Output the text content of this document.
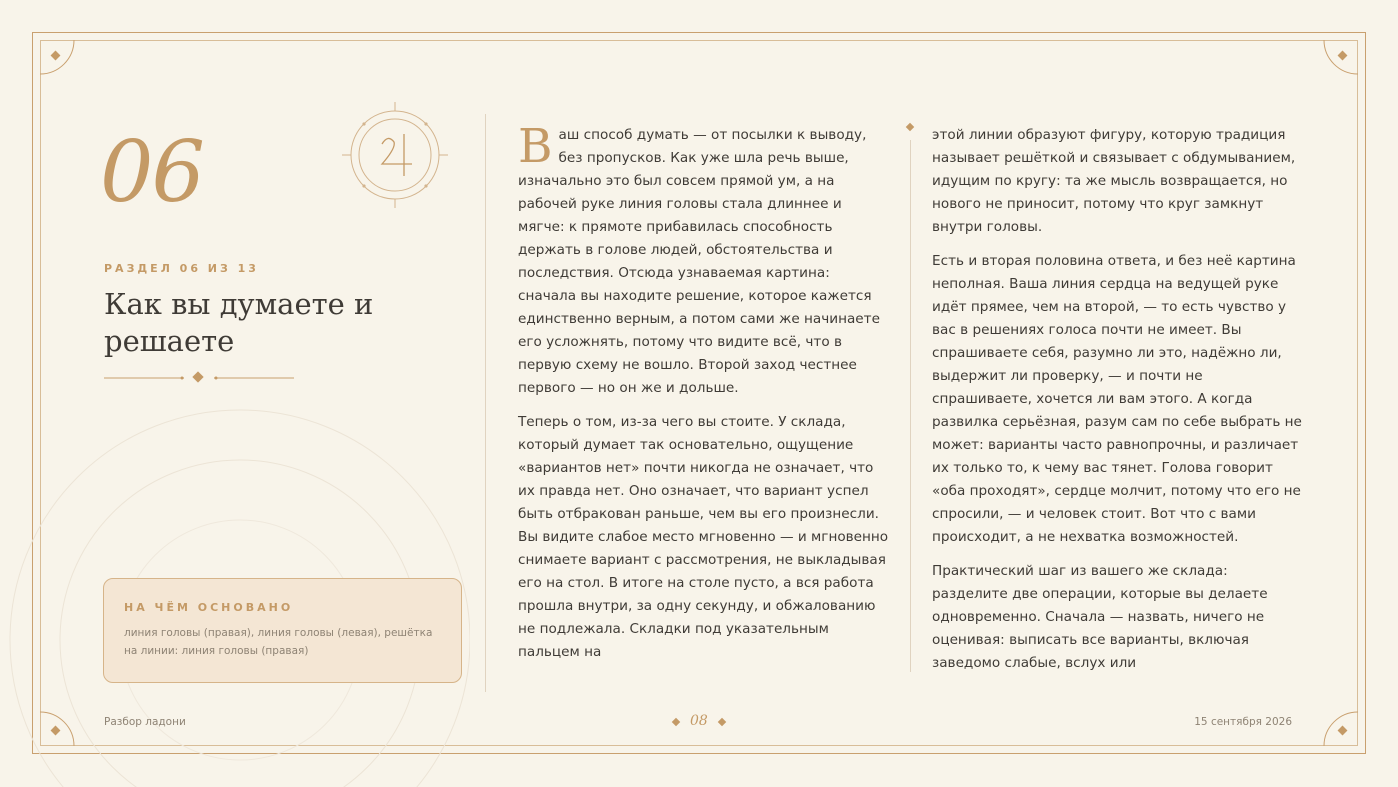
06
РАЗДЕЛ 06 ИЗ 13
Как вы думаете и решаете
НА ЧЁМ ОСНОВАНО
линия головы (правая), линия головы (левая), решётка на линии: линия головы (правая)

Ваш способ думать — от посылки к выводу, без пропусков. Как уже шла речь выше, изначально это был совсем прямой ум, а на рабочей руке линия головы стала длиннее и мягче: к прямоте прибавилась способность держать в голове людей, обстоятельства и последствия. Отсюда узнаваемая картина: сначала вы находите решение, которое кажется единственно верным, а потом сами же начинаете его усложнять, потому что видите всё, что в первую схему не вошло. Второй заход честнее первого — но он же и дольше.

Теперь о том, из-за чего вы стоите. У склада, который думает так основательно, ощущение «вариантов нет» почти никогда не означает, что их правда нет. Оно означает, что вариант успел быть отбракован раньше, чем вы его произнесли. Вы видите слабое место мгновенно — и мгновенно снимаете вариант с рассмотрения, не выкладывая его на стол. В итоге на столе пусто, а вся работа прошла внутри, за одну секунду, и обжалованию не подлежала. Складки под указательным пальцем на

этой линии образуют фигуру, которую традиция называет решёткой и связывает с обдумыванием, идущим по кругу: та же мысль возвращается, но нового не приносит, потому что круг замкнут внутри головы.

Есть и вторая половина ответа, и без неё картина неполная. Ваша линия сердца на ведущей руке идёт прямее, чем на второй, — то есть чувство у вас в решениях голоса почти не имеет. Вы спрашиваете себя, разумно ли это, надёжно ли, выдержит ли проверку, — и почти не спрашиваете, хочется ли вам этого. А когда развилка серьёзная, разум сам по себе выбрать не может: варианты часто равнопрочны, и различает их только то, к чему вас тянет. Голова говорит «оба проходят», сердце молчит, потому что его не спросили, — и человек стоит. Вот что с вами происходит, а не нехватка возможностей.

Практический шаг из вашего же склада: разделите две операции, которые вы делаете одновременно. Сначала — назвать, ничего не оценивая: выписать все варианты, включая заведомо слабые, вслух или

Разбор ладони	08	15 сентября 2026
